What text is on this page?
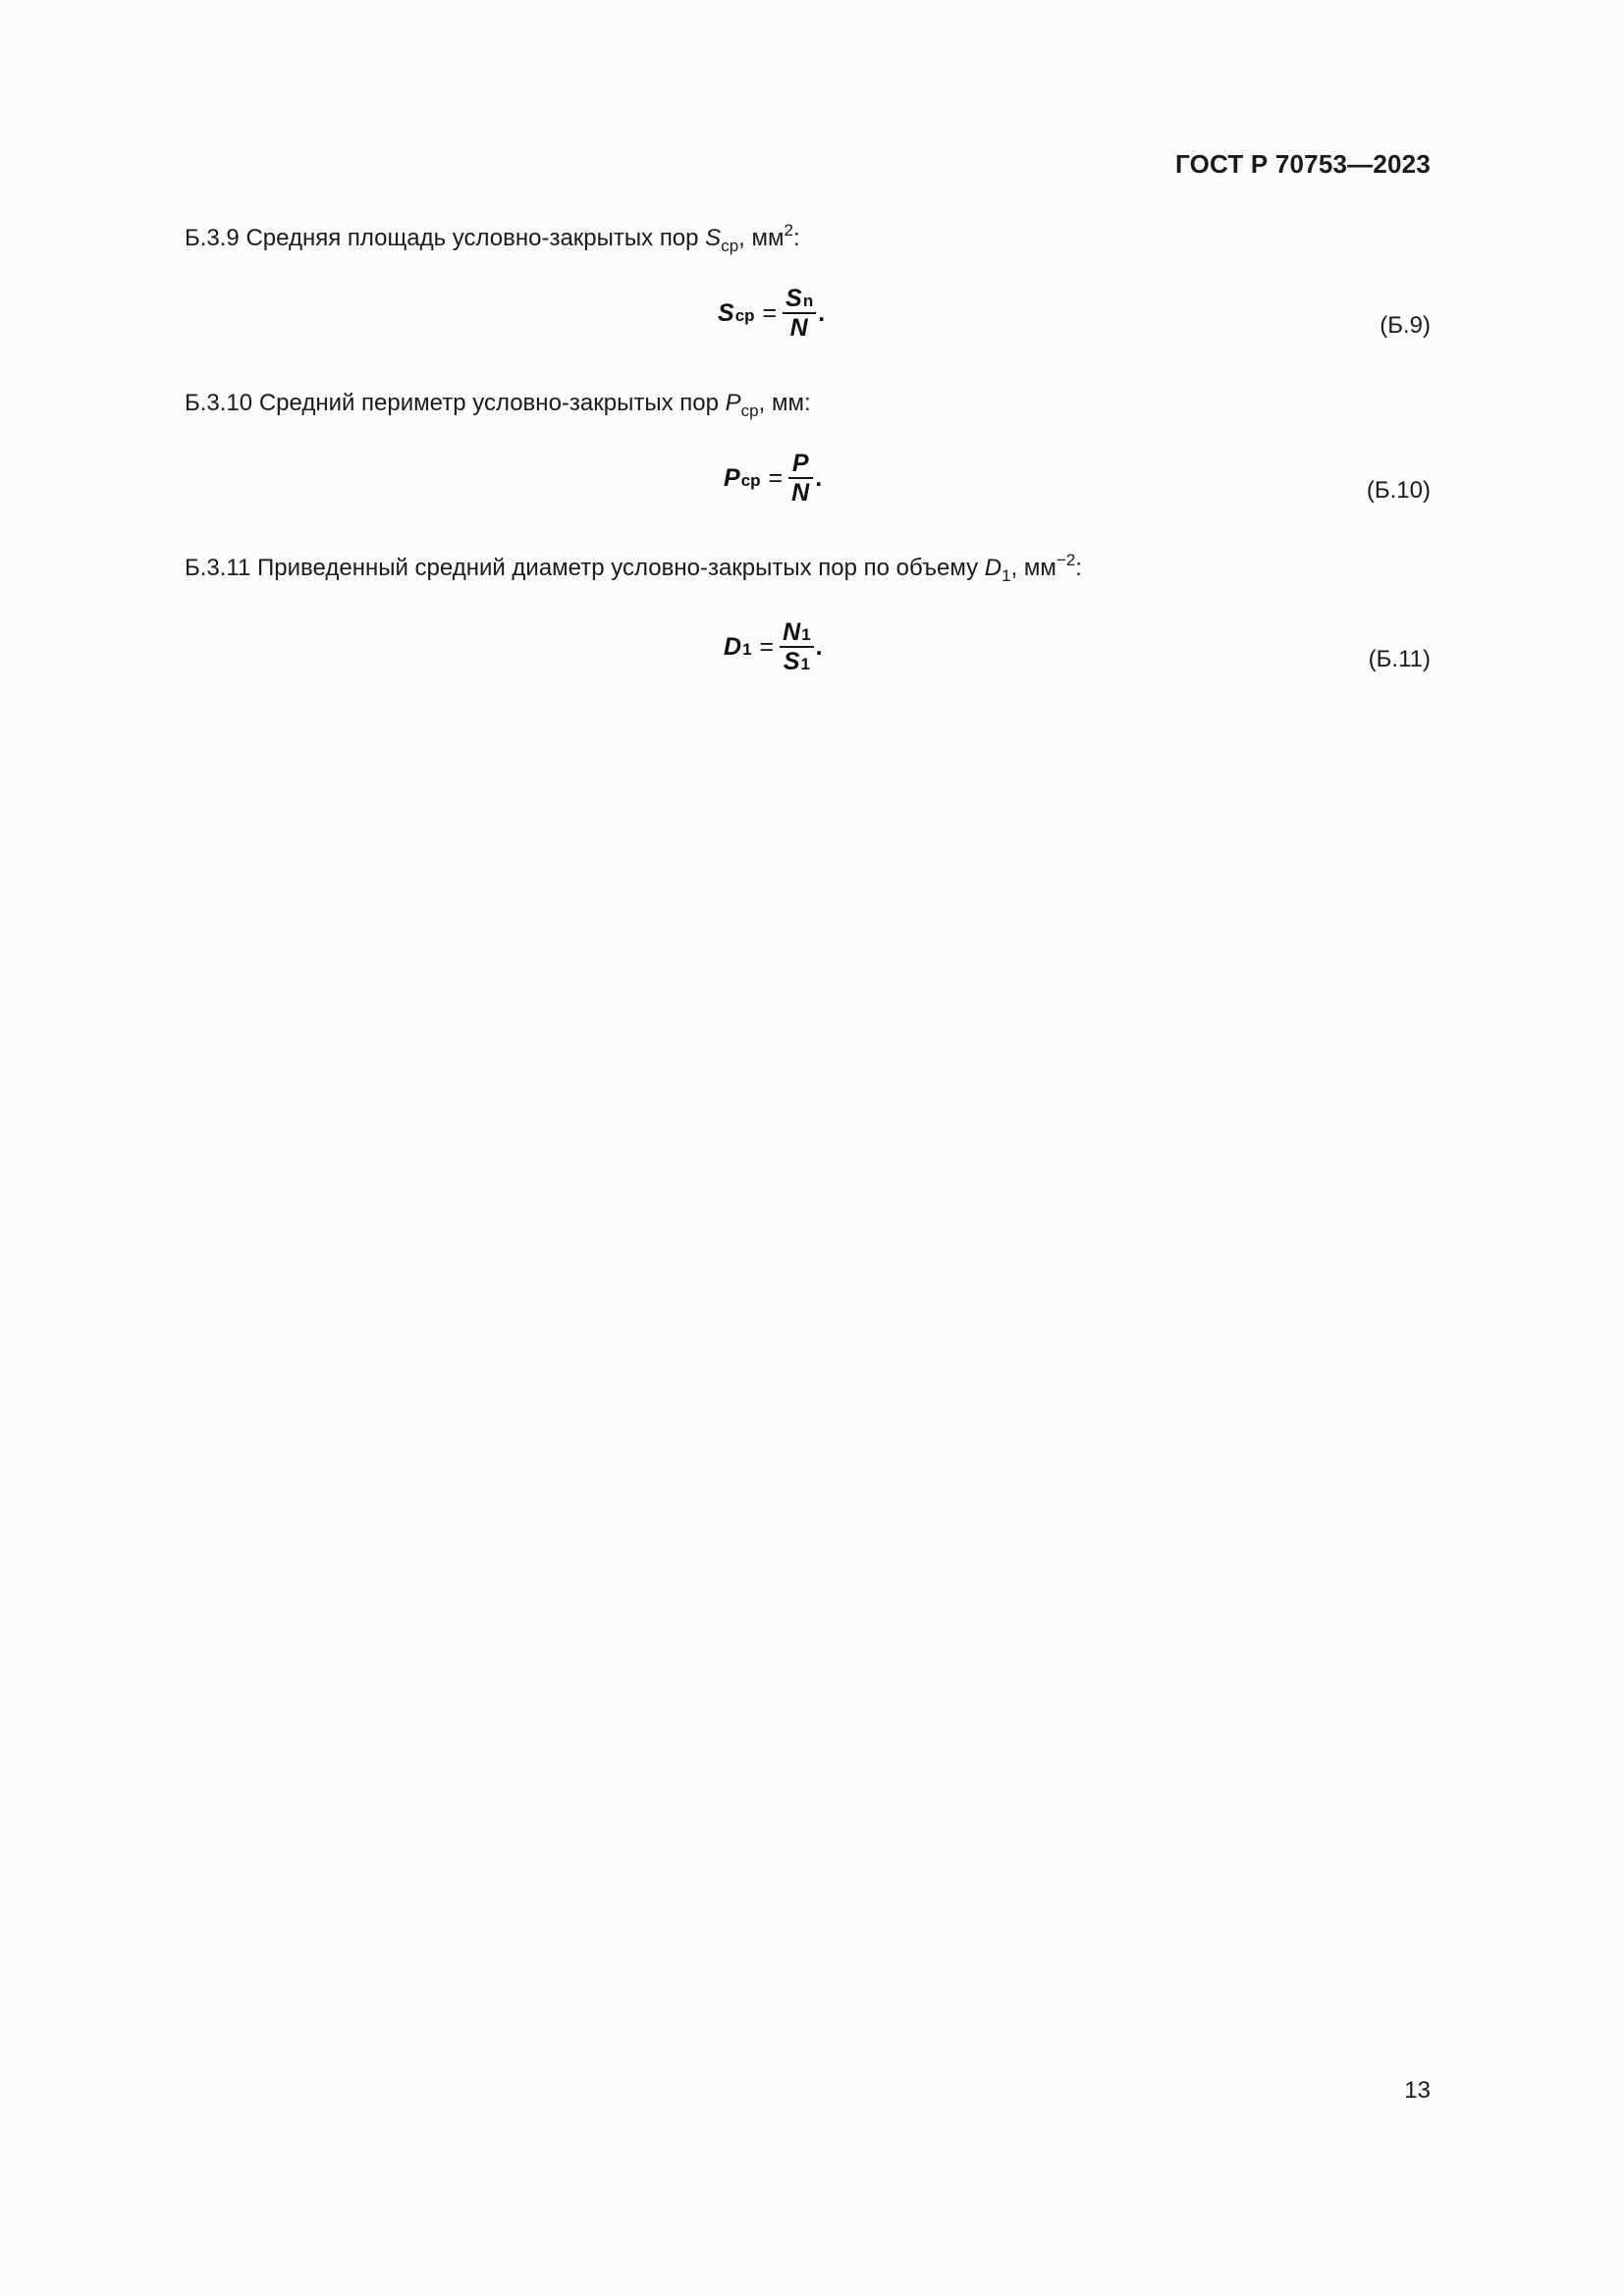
ГОСТ Р 70753—2023
Б.3.9 Средняя площадь условно-закрытых пор $S_{ср}$, $мм^2$:
S ср = $\frac{\text{S n}}{N}$ .	(Б.9)
Б.3.10 Средний периметр условно-закрытых пор $P_{ср}$, мм:
P ср = $\frac{P}{N}$ .	(Б.10)
Б.3.11 Приведенный средний диаметр условно-закрытых пор по объему $D_1$, $мм^{-2}$:
D $1 = \frac{N 1}{S 1}$ .	(Б.11)
13
